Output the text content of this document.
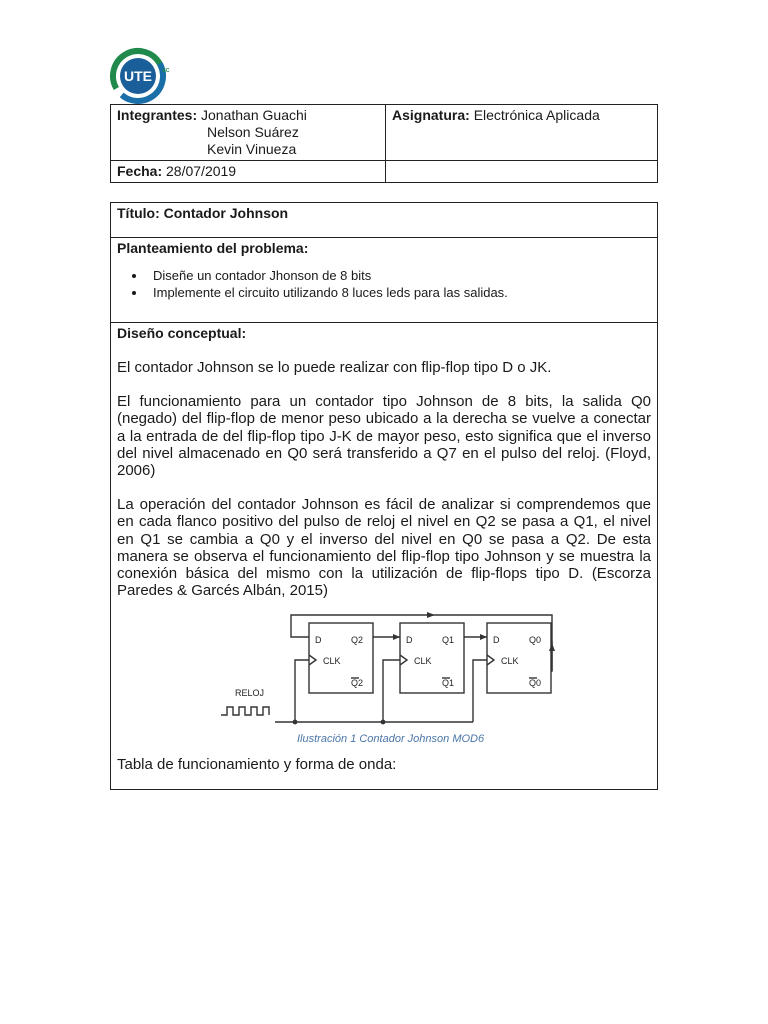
UTE EC
Integrantes: Jonathan Guachi

Nelson Suárez
Kevin Vinueza	Asignatura: Electrónica Aplicada
Fecha: 28/07/2019	
Título: Contador Johnson
Planteamiento del problema:
• Diseñe un contador Jhonson de 8 bits
• Implemente el circuito utilizando 8 luces leds para las salidas.

Diseño conceptual:

El contador Johnson se lo puede realizar con flip-flop tipo D o JK.

El funcionamiento para un contador tipo Johnson de 8 bits, la salida Q0 (negado) del flip-flop de menor peso ubicado a la derecha se vuelve a conectar a la entrada de del flip-flop tipo J-K de mayor peso, esto significa que el inverso del nivel almacenado en Q0 será transferido a Q7 en el pulso del reloj. (Floyd, 2006)

La operación del contador Johnson es fácil de analizar si comprendemos que en cada flanco positivo del pulso de reloj el nivel en Q2 se pasa a Q1, el nivel en Q1 se cambia a Q0 y el inverso del nivel en Q0 se pasa a Q2. De esta manera se observa el funcionamiento del flip-flop tipo Johnson y se muestra la conexión básica del mismo con la utilización de flip-flops tipo D. (Escorza Paredes & Garcés Albán, 2015)

D
CLK
Q2
Q2
D
CLK
Q1
Q1
D
CLK
Q0
Q0
RELOJ

Ilustración 1 Contador Johnson MOD6

Tabla de funcionamiento y forma de onda:
